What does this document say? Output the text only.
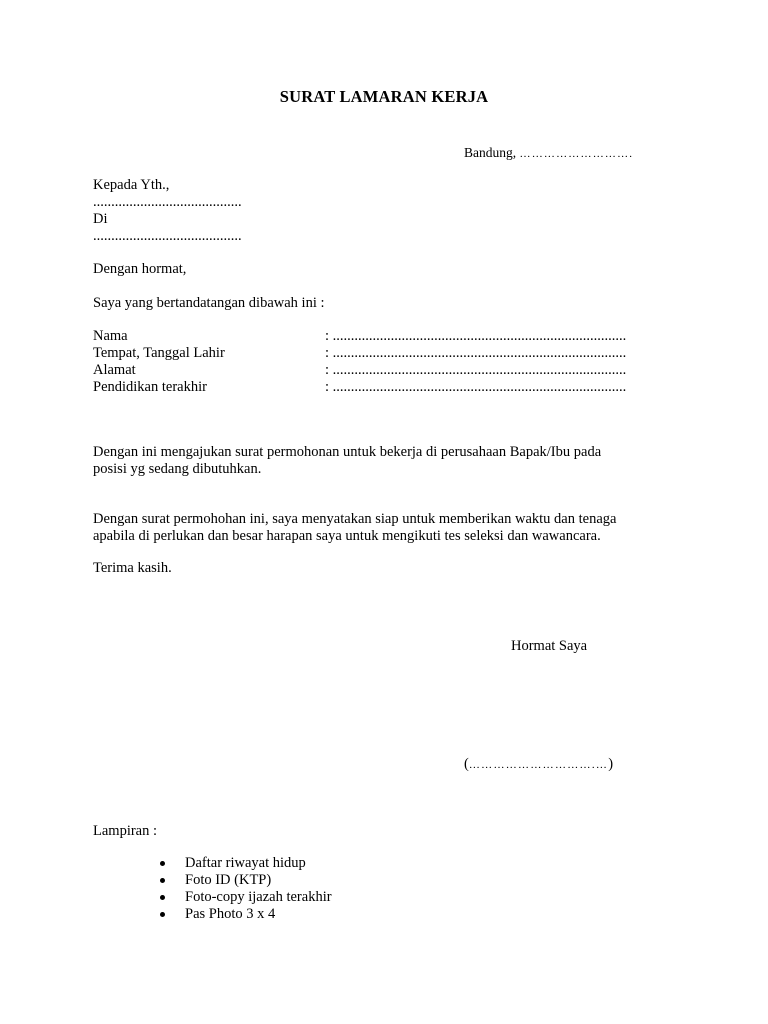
SURAT LAMARAN KERJA
Bandung, ……………………….
Kepada Yth.,
.........................................
Di
.........................................
Dengan hormat,
Saya yang bertandatangan dibawah ini :
Nama	: .................................................................................
Tempat, Tanggal Lahir	: .................................................................................
Alamat	: .................................................................................
Pendidikan terakhir	: .................................................................................
Dengan ini mengajukan surat permohonan untuk bekerja di perusahaan Bapak/Ibu pada
posisi yg sedang dibutuhkan.
Dengan surat permohohan ini, saya menyatakan siap untuk memberikan waktu dan tenaga
apabila di perlukan dan besar harapan saya untuk mengikuti tes seleksi dan wawancara.
Terima kasih.
Hormat Saya
(………………………….…)
Lampiran :
Daftar riwayat hidup
Foto ID (KTP)
Foto-copy ijazah terakhir
Pas Photo 3 x 4
